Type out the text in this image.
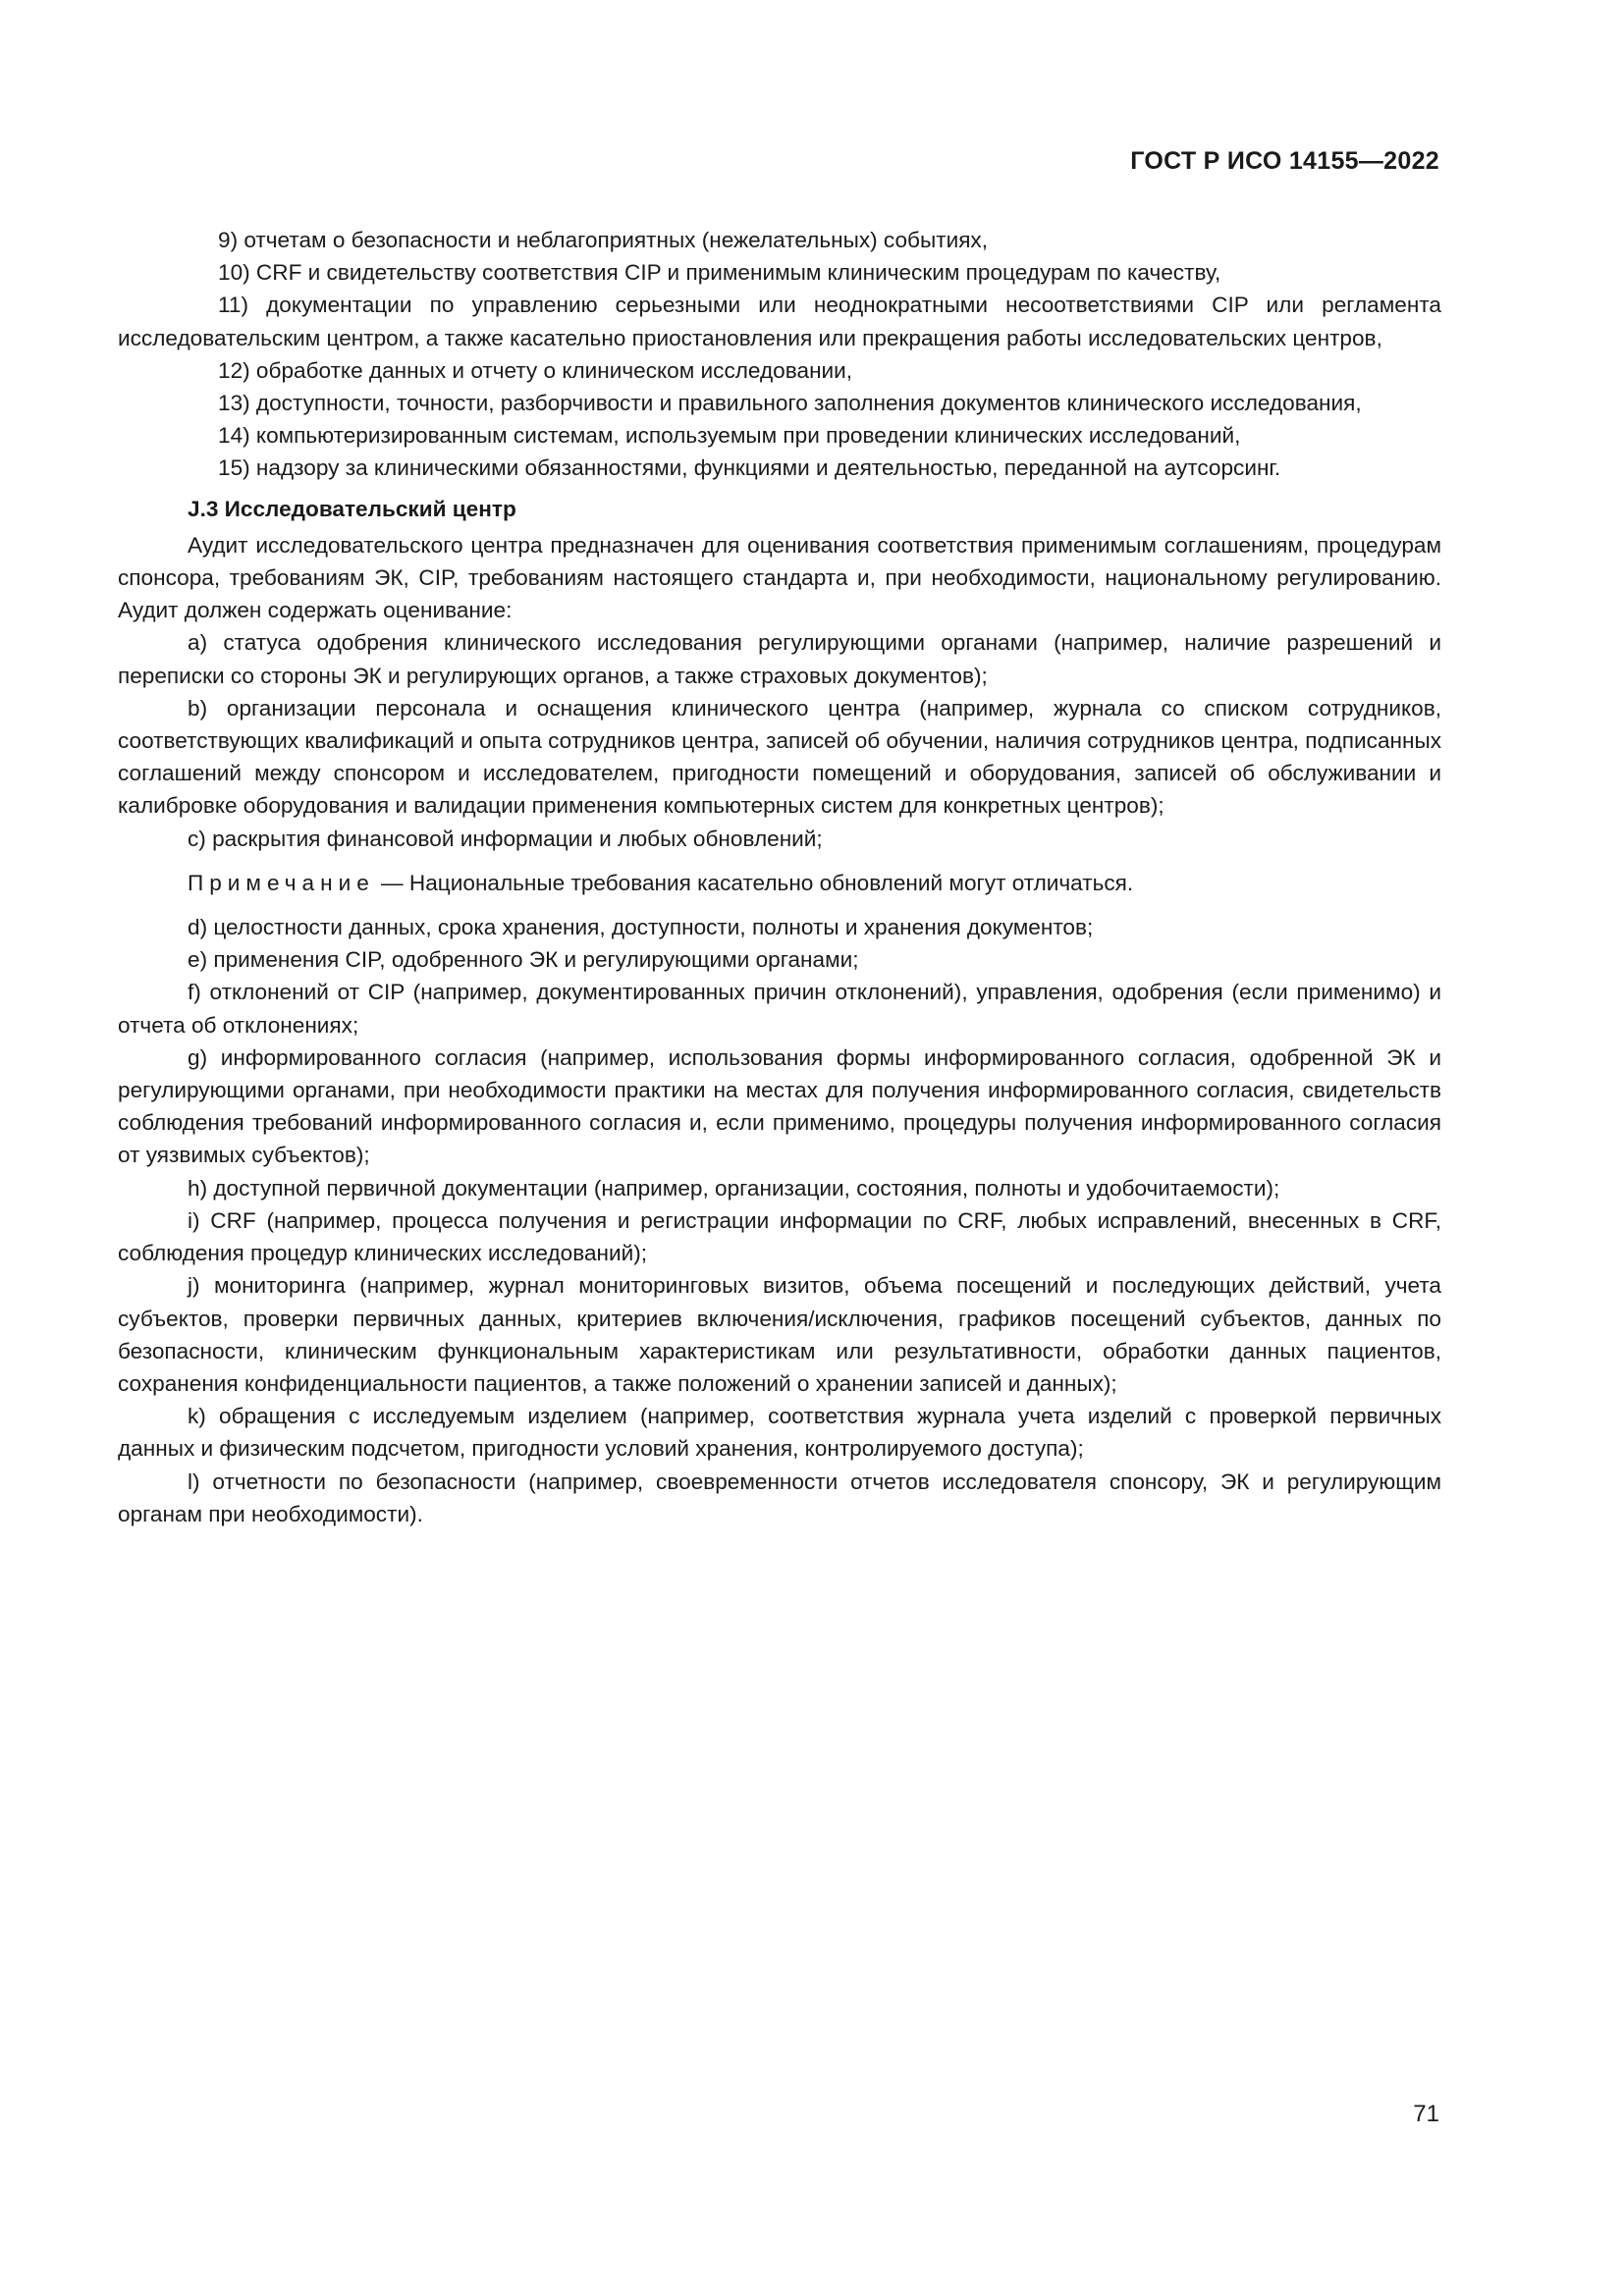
ГОСТ Р ИСО 14155—2022

9) отчетам о безопасности и неблагоприятных (нежелательных) событиях,

10) CRF и свидетельству соответствия CIP и применимым клиническим процедурам по качеству,

11) документации по управлению серьезными или неоднократными несоответствиями CIP или регламента исследовательским центром, а также касательно приостановления или прекращения работы исследовательских центров,

12) обработке данных и отчету о клиническом исследовании,

13) доступности, точности, разборчивости и правильного заполнения документов клинического исследования,

14) компьютеризированным системам, используемым при проведении клинических исследований,

15) надзору за клиническими обязанностями, функциями и деятельностью, переданной на аутсорсинг.

J.3 Исследовательский центр

Аудит исследовательского центра предназначен для оценивания соответствия применимым соглашениям, процедурам спонсора, требованиям ЭК, CIP, требованиям настоящего стандарта и, при необходимости, национальному регулированию. Аудит должен содержать оценивание:

a) статуса одобрения клинического исследования регулирующими органами (например, наличие разрешений и переписки со стороны ЭК и регулирующих органов, а также страховых документов);

b) организации персонала и оснащения клинического центра (например, журнала со списком сотрудников, соответствующих квалификаций и опыта сотрудников центра, записей об обучении, наличия сотрудников центра, подписанных соглашений между спонсором и исследователем, пригодности помещений и оборудования, записей об обслуживании и калибровке оборудования и валидации применения компьютерных систем для конкретных центров);

c) раскрытия финансовой информации и любых обновлений;

Примечание — Национальные требования касательно обновлений могут отличаться.

d) целостности данных, срока хранения, доступности, полноты и хранения документов;

e) применения CIP, одобренного ЭК и регулирующими органами;

f) отклонений от CIP (например, документированных причин отклонений), управления, одобрения (если применимо) и отчета об отклонениях;

g) информированного согласия (например, использования формы информированного согласия, одобренной ЭК и регулирующими органами, при необходимости практики на местах для получения информированного согласия, свидетельств соблюдения требований информированного согласия и, если применимо, процедуры получения информированного согласия от уязвимых субъектов);

h) доступной первичной документации (например, организации, состояния, полноты и удобочитаемости);

i) CRF (например, процесса получения и регистрации информации по CRF, любых исправлений, внесенных в CRF, соблюдения процедур клинических исследований);

j) мониторинга (например, журнал мониторинговых визитов, объема посещений и последующих действий, учета субъектов, проверки первичных данных, критериев включения/исключения, графиков посещений субъектов, данных по безопасности, клиническим функциональным характеристикам или результативности, обработки данных пациентов, сохранения конфиденциальности пациентов, а также положений о хранении записей и данных);

k) обращения с исследуемым изделием (например, соответствия журнала учета изделий с проверкой первичных данных и физическим подсчетом, пригодности условий хранения, контролируемого доступа);

l) отчетности по безопасности (например, своевременности отчетов исследователя спонсору, ЭК и регулирующим органам при необходимости).

71
